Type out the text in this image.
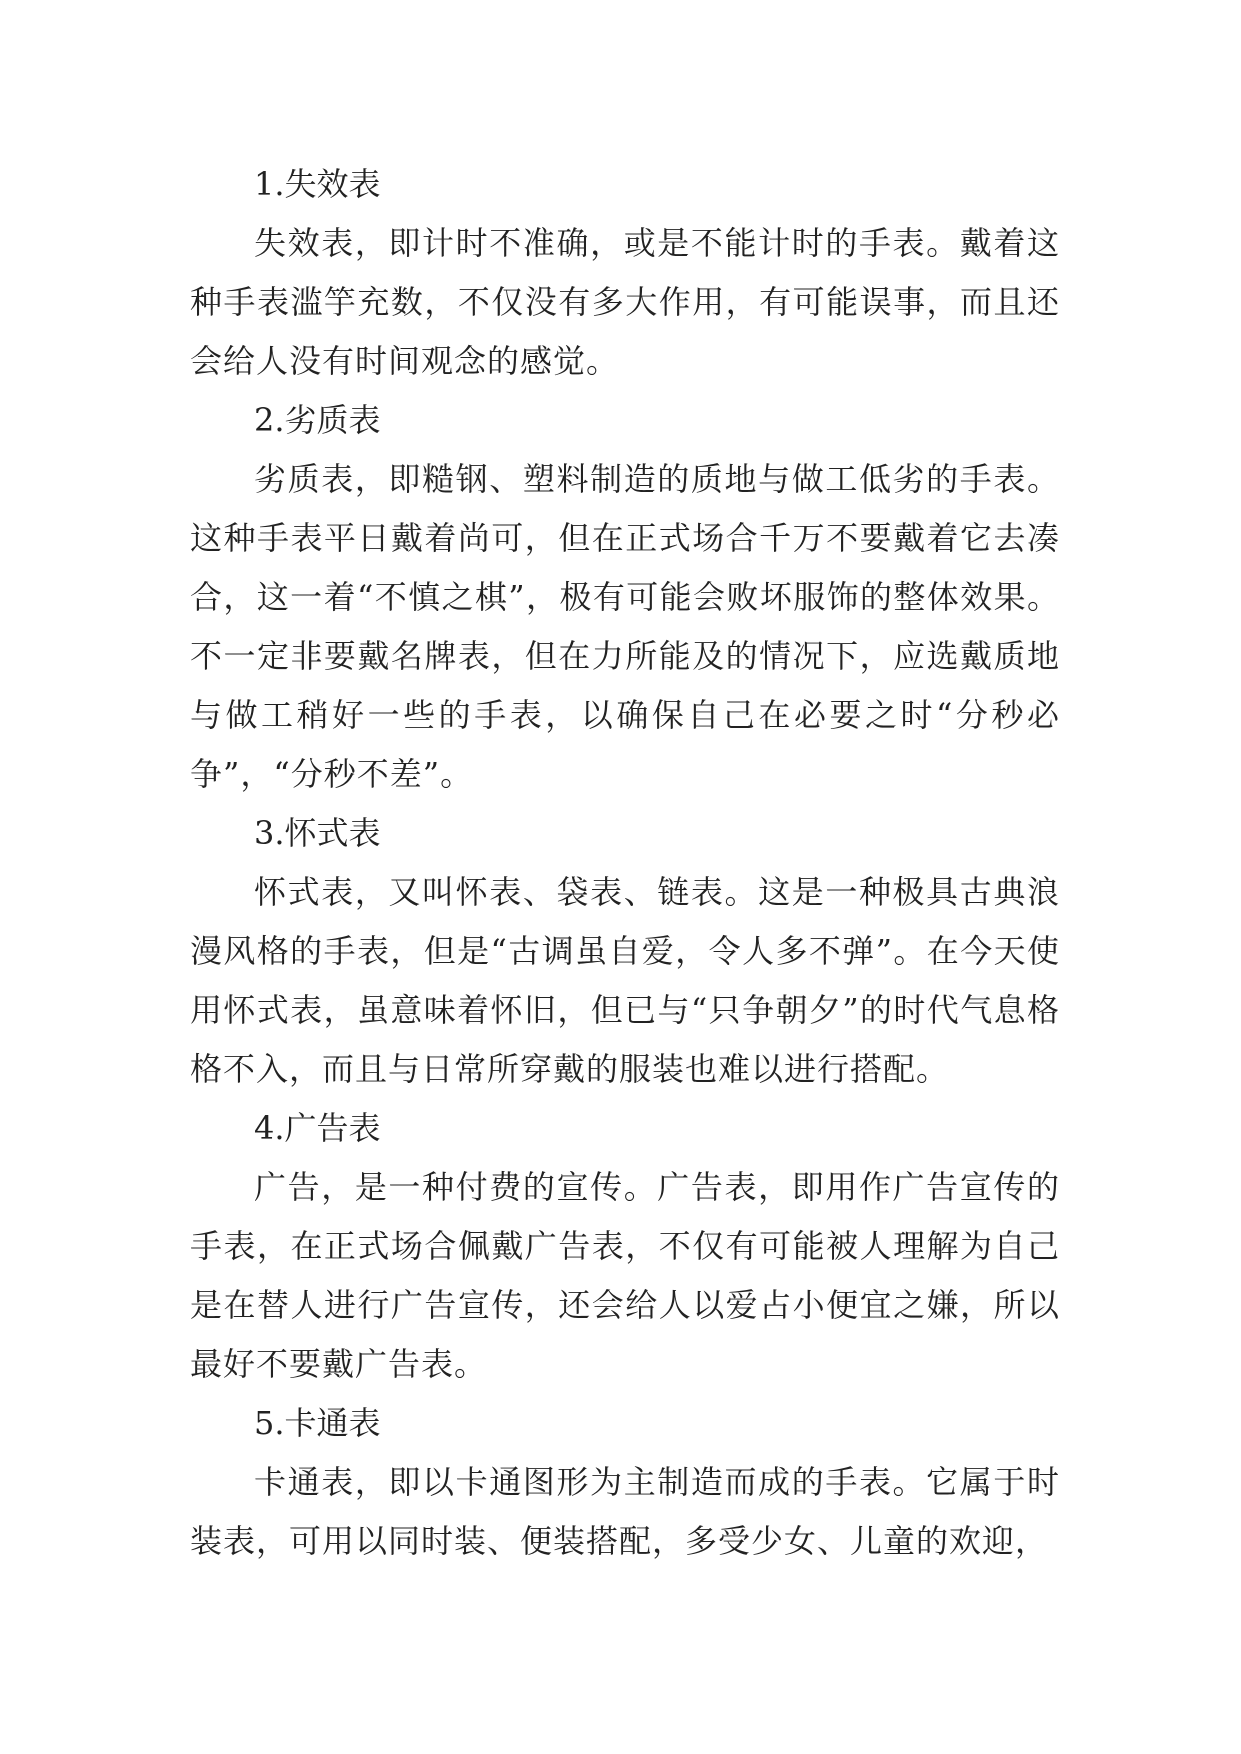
1.失效表

失效表，即计时不准确，或是不能计时的手表。戴着这种手表滥竽充数，不仅没有多大作用，有可能误事，而且还会给人没有时间观念的感觉。

2.劣质表

劣质表，即糙钢、塑料制造的质地与做工低劣的手表。这种手表平日戴着尚可，但在正式场合千万不要戴着它去凑合，这一着“不慎之棋”，极有可能会败坏服饰的整体效果。不一定非要戴名牌表，但在力所能及的情况下，应选戴质地与做工稍好一些的手表，以确保自己在必要之时“分秒必争”，“分秒不差”。

3.怀式表

怀式表，又叫怀表、袋表、链表。这是一种极具古典浪漫风格的手表，但是“古调虽自爱，令人多不弹”。在今天使用怀式表，虽意味着怀旧，但已与“只争朝夕”的时代气息格格不入，而且与日常所穿戴的服装也难以进行搭配。

4.广告表

广告，是一种付费的宣传。广告表，即用作广告宣传的手表，在正式场合佩戴广告表，不仅有可能被人理解为自己是在替人进行广告宣传，还会给人以爱占小便宜之嫌，所以最好不要戴广告表。

5.卡通表

卡通表，即以卡通图形为主制造而成的手表。它属于时装表，可用以同时装、便装搭配，多受少女、儿童的欢迎，
